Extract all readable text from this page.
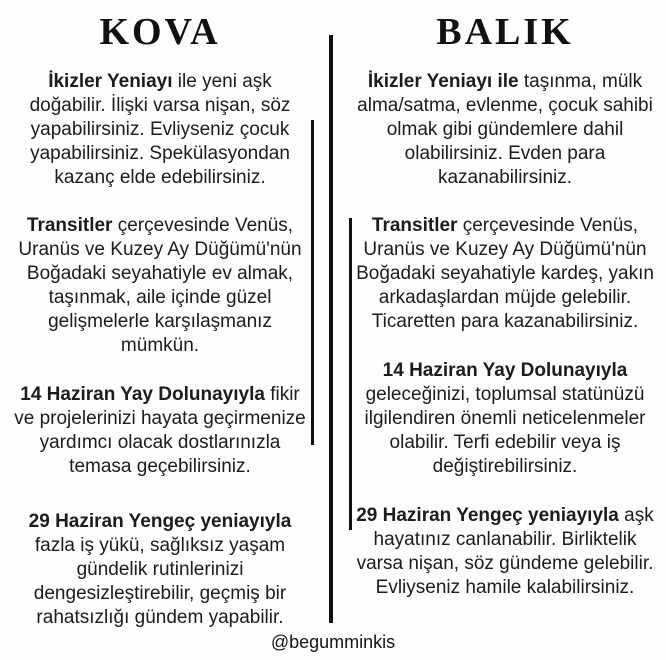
KOVA

İkizler Yeniayı ile yeni aşk doğabilir. İlişki varsa nişan, söz yapabilirsiniz. Evliyseniz çocuk yapabilirsiniz. Spekülasyondan kazanç elde edebilirsiniz.

Transitler çerçevesinde Venüs, Uranüs ve Kuzey Ay Düğümü'nün Boğadaki seyahatiyle ev almak, taşınmak, aile içinde güzel gelişmelerle karşılaşmanız mümkün.

14 Haziran Yay Dolunayıyla fikir ve projelerinizi hayata geçirmenize yardımcı olacak dostlarınızla temasa geçebilirsiniz.

29 Haziran Yengeç yeniayıyla fazla iş yükü, sağlıksız yaşam gündelik rutinlerinizi dengesizleştirebilir, geçmiş bir rahatsızlığı gündem yapabilir.

BALIK

İkizler Yeniayı ile taşınma, mülk alma/satma, evlenme, çocuk sahibi olmak gibi gündemlere dahil olabilirsiniz. Evden para kazanabilirsiniz.

Transitler çerçevesinde Venüs, Uranüs ve Kuzey Ay Düğümü'nün Boğadaki seyahatiyle kardeş, yakın arkadaşlardan müjde gelebilir. Ticaretten para kazanabilirsiniz.

14 Haziran Yay Dolunayıyla geleceğinizi, toplumsal statünüzü ilgilendiren önemli neticelenmeler olabilir. Terfi edebilir veya iş değiştirebilirsiniz.

29 Haziran Yengeç yeniayıyla aşk hayatınız canlanabilir. Birliktelik varsa nişan, söz gündeme gelebilir. Evliyseniz hamile kalabilirsiniz.

@begumminkis
